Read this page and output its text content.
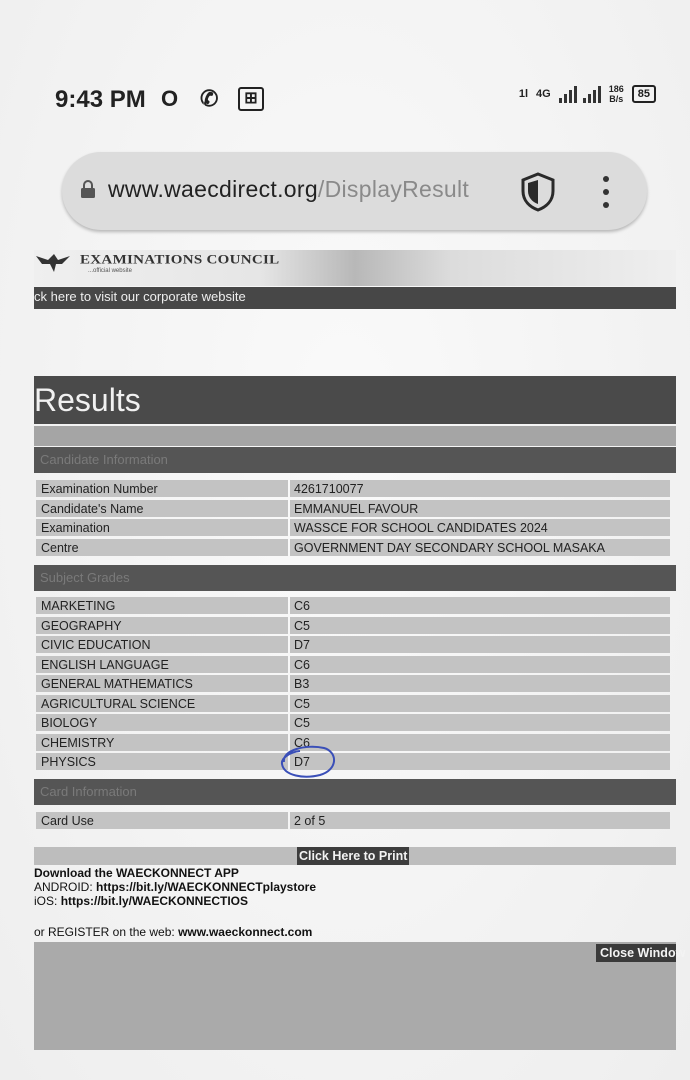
9:43 PM O ✆	⊞	1l 4G	186
B/s	85
www.waecdirect.org/DisplayResult
EXAMINATIONS COUNCIL
...official website
ck here to visit our corporate website
Results
Candidate Information
Examination Number	4261710077
Candidate's Name	EMMANUEL FAVOUR
Examination	WASSCE FOR SCHOOL CANDIDATES 2024
Centre	GOVERNMENT DAY SECONDARY SCHOOL MASAKA
Subject Grades
MARKETING	C6
GEOGRAPHY	C5
CIVIC EDUCATION	D7
ENGLISH LANGUAGE	C6
GENERAL MATHEMATICS	B3
AGRICULTURAL SCIENCE	C5
BIOLOGY	C5
CHEMISTRY	C6
PHYSICS	D7
Card Information
Card Use	2 of 5
Click Here to Print
Download the WAECKONNECT APP
ANDROID: https://bit.ly/WAECKONNECTplaystore
iOS: https://bit.ly/WAECKONNECTIOS
or REGISTER on the web: www.waeckonnect.com
Close Window
